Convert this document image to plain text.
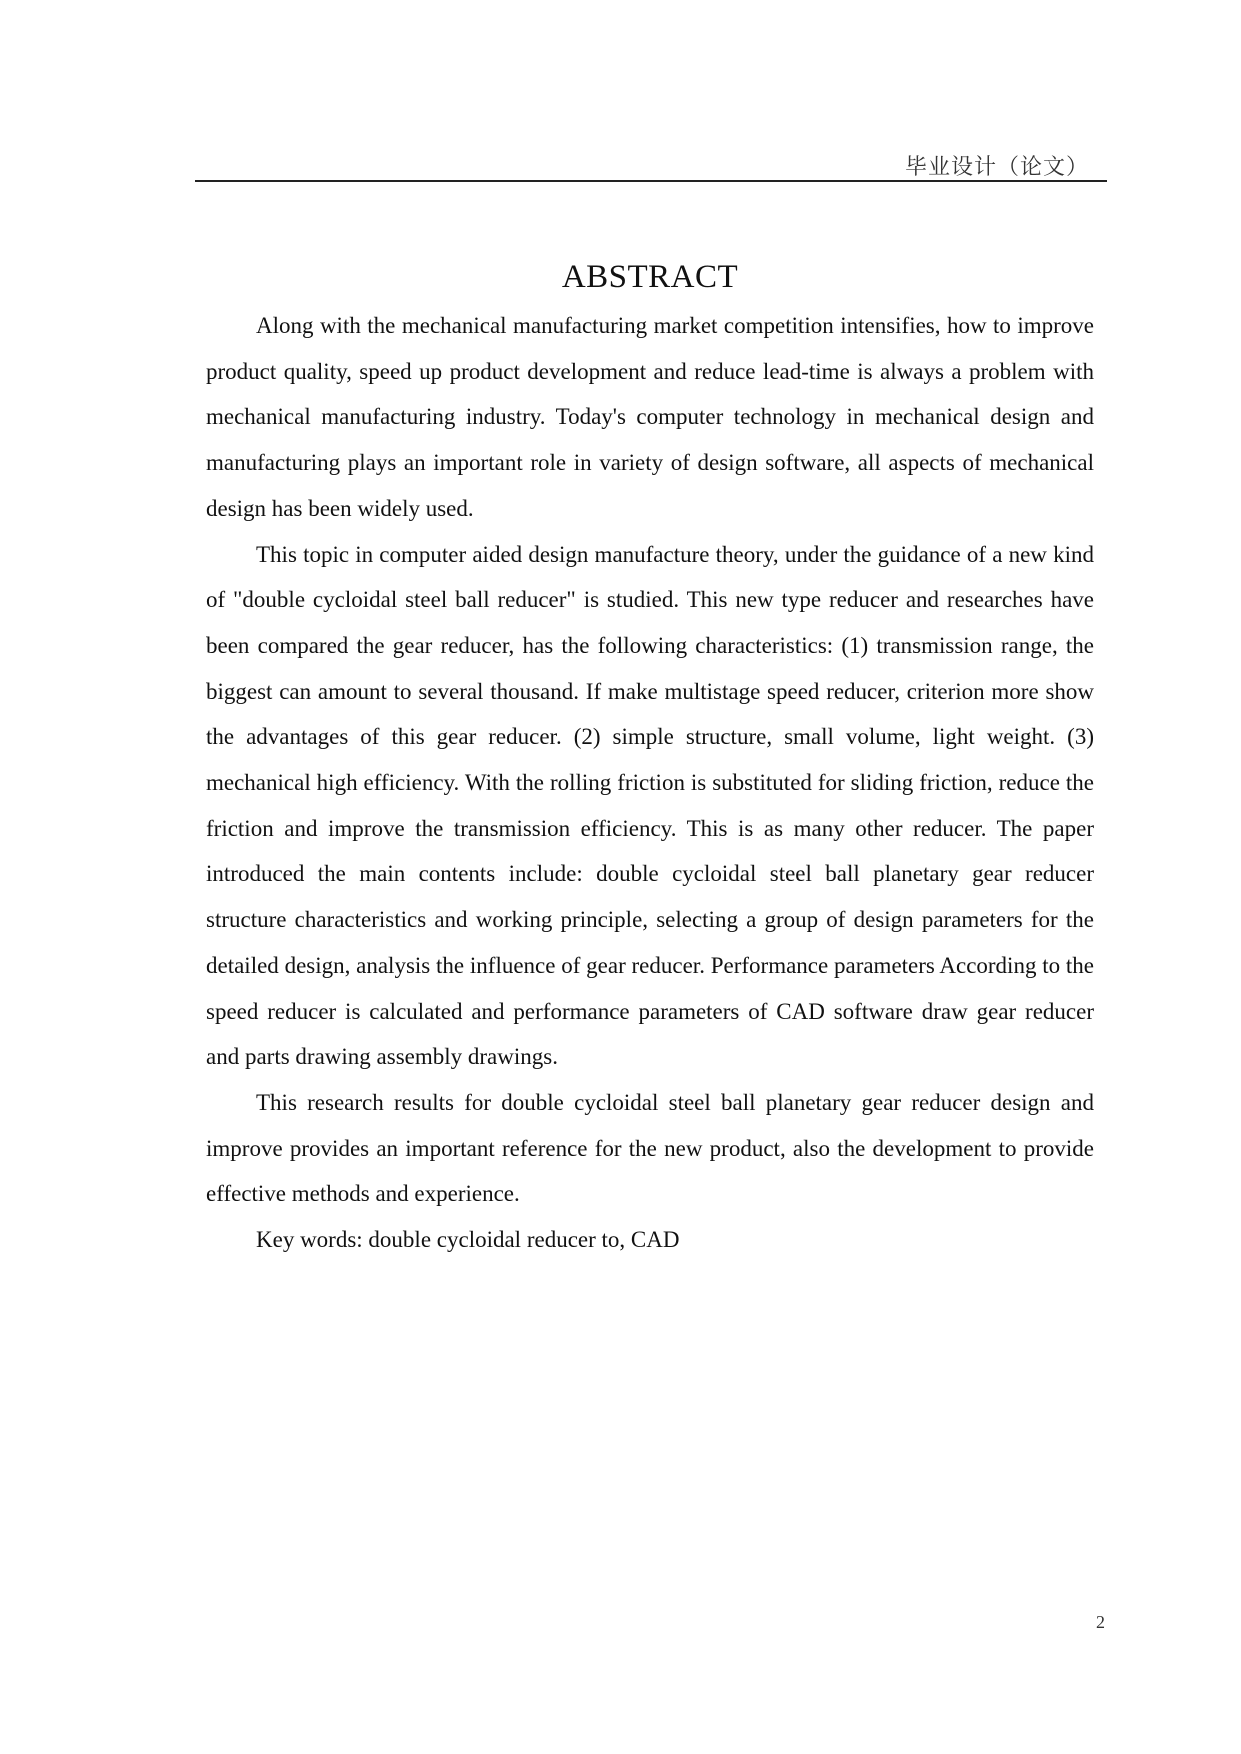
毕业设计（论文）
ABSTRACT

Along with the mechanical manufacturing market competition intensifies, how to improve product quality, speed up product development and reduce lead-time is always a problem with mechanical manufacturing industry. Today's computer technology in mechanical design and manufacturing plays an important role in variety of design software, all aspects of mechanical design has been widely used.

This topic in computer aided design manufacture theory, under the guidance of a new kind of "double cycloidal steel ball reducer" is studied. This new type reducer and researches have been compared the gear reducer, has the following characteristics: (1) transmission range, the biggest can amount to several thousand. If make multistage speed reducer, criterion more show the advantages of this gear reducer. (2) simple structure, small volume, light weight. (3) mechanical high efficiency. With the rolling friction is substituted for sliding friction, reduce the friction and improve the transmission efficiency. This is as many other reducer. The paper introduced the main contents include: double cycloidal steel ball planetary gear reducer structure characteristics and working principle, selecting a group of design parameters for the detailed design, analysis the influence of gear reducer. Performance parameters According to the speed reducer is calculated and performance parameters of CAD software draw gear reducer and parts drawing assembly drawings.

This research results for double cycloidal steel ball planetary gear reducer design and improve provides an important reference for the new product, also the development to provide effective methods and experience.

Key words: double cycloidal reducer to, CAD

2
